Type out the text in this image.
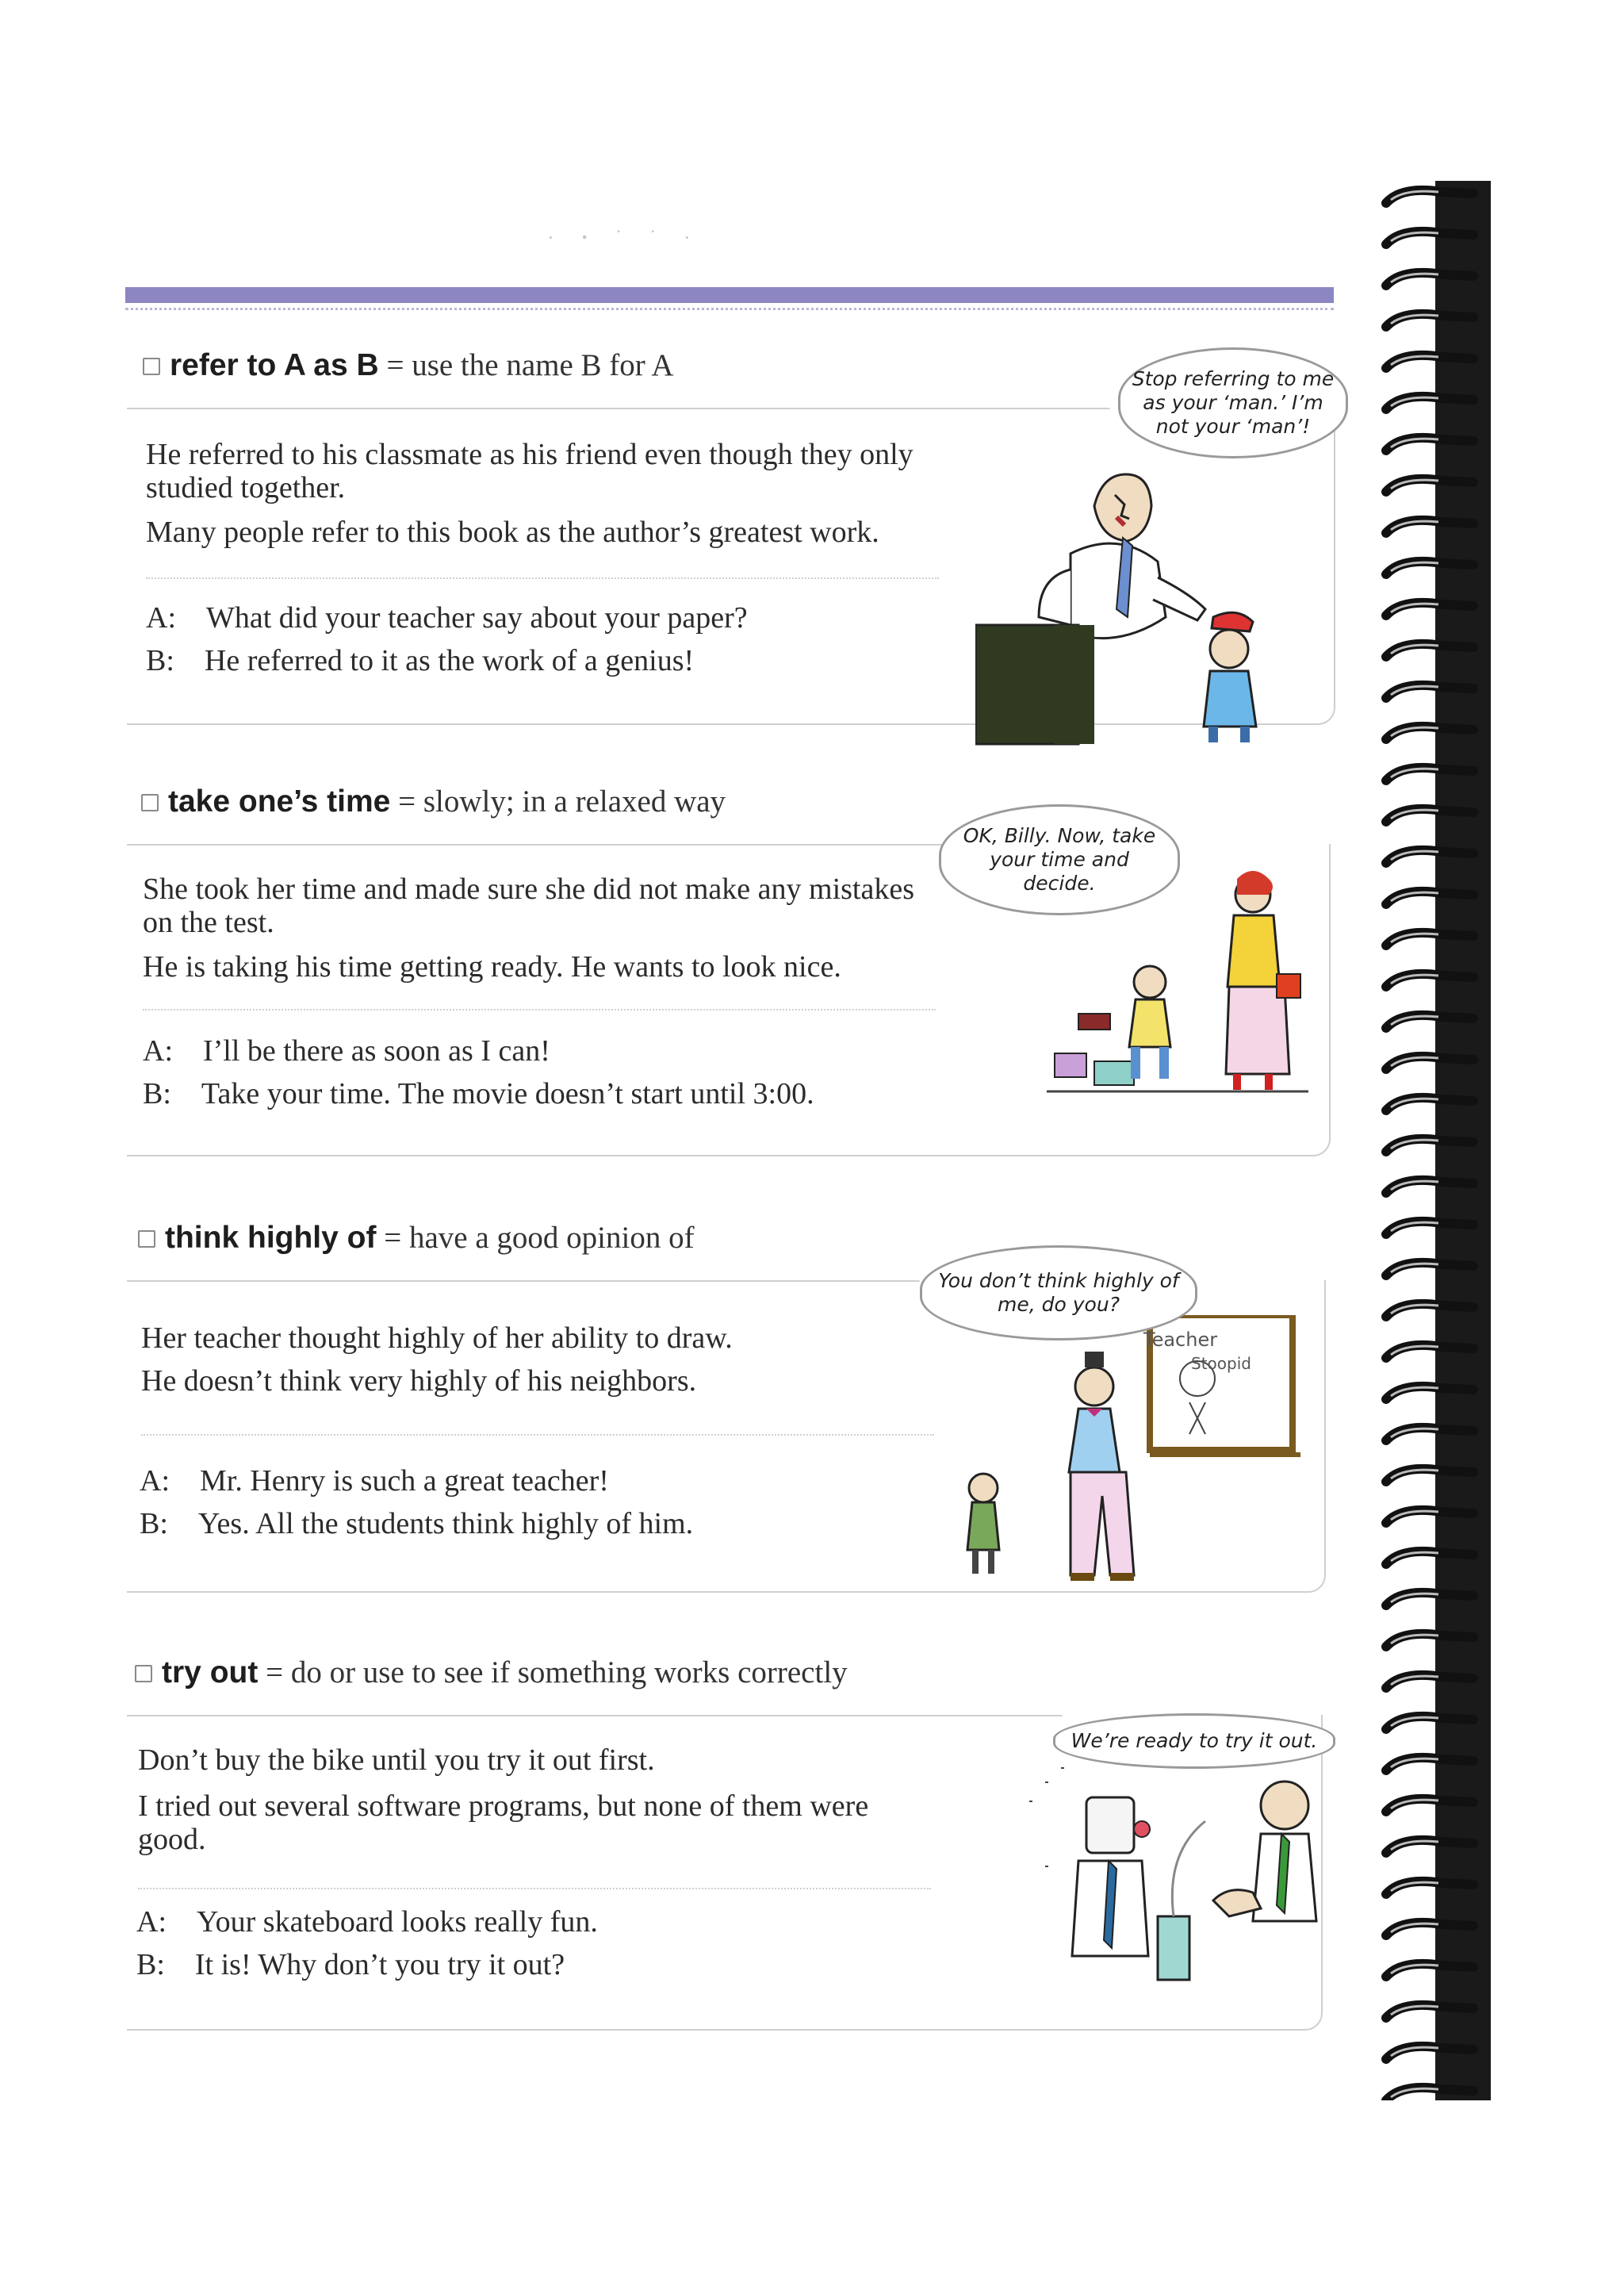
· ꞏ ˙ ˙ ·
refer to A as B = use the name B for A
He referred to his classmate as his friend even though they only studied together.
Many people refer to this book as the author’s greatest work.
A: What did your teacher say about your paper?
B: He referred to it as the work of a genius!
Stop referring to me as your ‘man.’ I’m not your ‘man’!
take one’s time = slowly; in a relaxed way
She took her time and made sure she did not make any mistakes on the test.
He is taking his time getting ready. He wants to look nice.
A: I’ll be there as soon as I can!
B: Take your time. The movie doesn’t start until 3:00.
OK, Billy. Now, take your time and decide.
think highly of = have a good opinion of
Her teacher thought highly of her ability to draw.
He doesn’t think very highly of his neighbors.
A: Mr. Henry is such a great teacher!
B: Yes. All the students think highly of him.
You don’t think highly of me, do you?
Teacher
Stoopid
try out = do or use to see if something works correctly
Don’t buy the bike until you try it out first.
I tried out several software programs, but none of them were good.
A: Your skateboard looks really fun.
B: It is! Why don’t you try it out?
We’re ready to try it out.
